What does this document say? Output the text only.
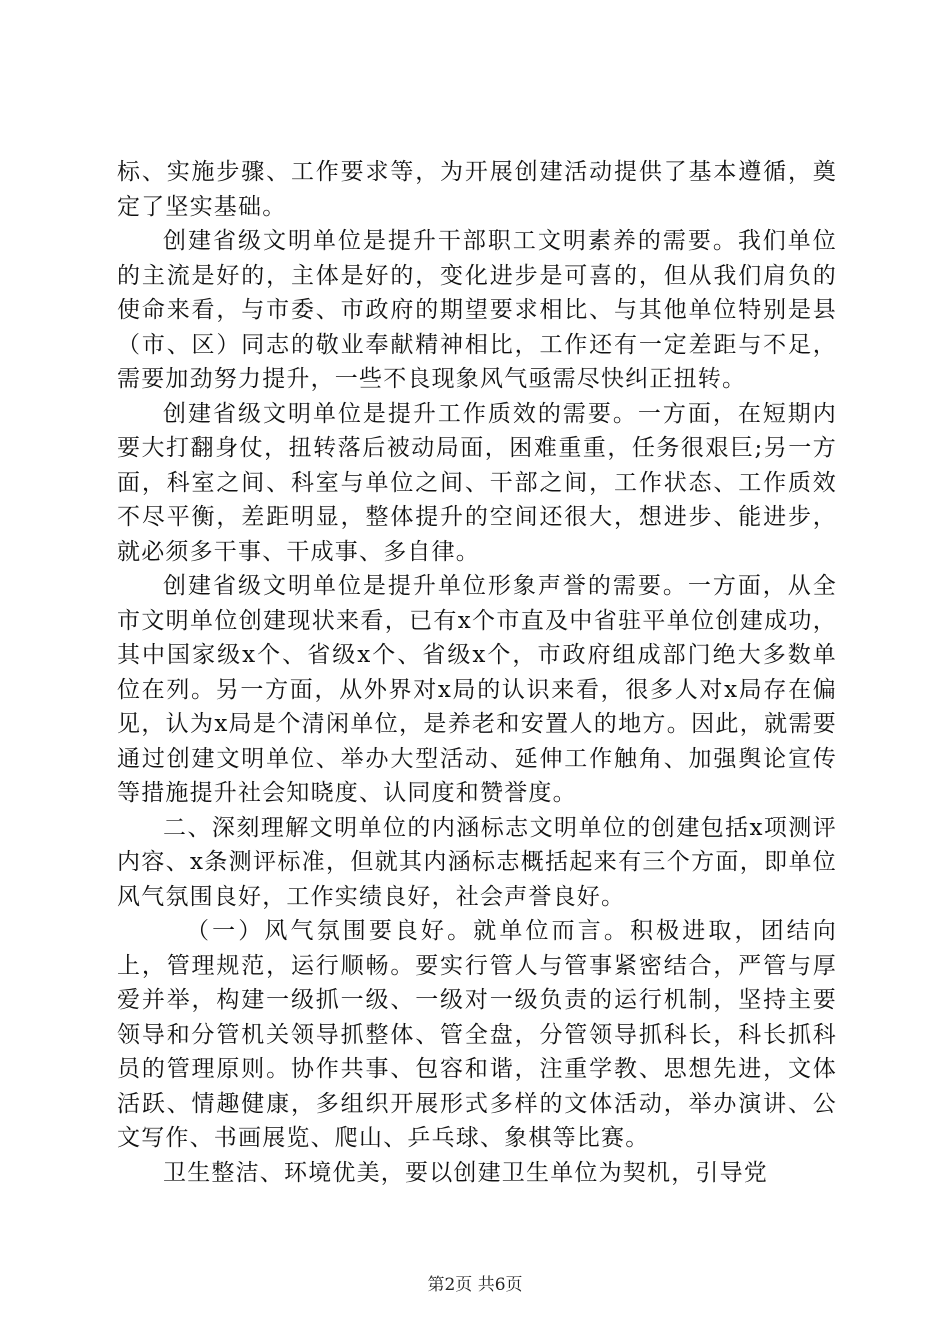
标、实施步骤、工作要求等，为开展创建活动提供了基本遵循，奠定了坚实基础。

创建省级文明单位是提升干部职工文明素养的需要。我们单位的主流是好的，主体是好的，变化进步是可喜的，但从我们肩负的使命来看，与市委、市政府的期望要求相比、与其他单位特别是县（市、区）同志的敬业奉献精神相比，工作还有一定差距与不足，需要加劲努力提升，一些不良现象风气亟需尽快纠正扭转。

创建省级文明单位是提升工作质效的需要。一方面，在短期内要大打翻身仗，扭转落后被动局面，困难重重，任务很艰巨;另一方面，科室之间、科室与单位之间、干部之间，工作状态、工作质效不尽平衡，差距明显，整体提升的空间还很大，想进步、能进步，就必须多干事、干成事、多自律。

创建省级文明单位是提升单位形象声誉的需要。一方面，从全市文明单位创建现状来看，已有x个市直及中省驻平单位创建成功，其中国家级x个、省级x个、省级x个，市政府组成部门绝大多数单位在列。另一方面，从外界对x局的认识来看，很多人对x局存在偏见，认为x局是个清闲单位，是养老和安置人的地方。因此，就需要通过创建文明单位、举办大型活动、延伸工作触角、加强舆论宣传等措施提升社会知晓度、认同度和赞誉度。

二、深刻理解文明单位的内涵标志文明单位的创建包括x项测评内容、x条测评标准，但就其内涵标志概括起来有三个方面，即单位风气氛围良好，工作实绩良好，社会声誉良好。

（一）风气氛围要良好。就单位而言。积极进取，团结向上，管理规范，运行顺畅。要实行管人与管事紧密结合，严管与厚爱并举，构建一级抓一级、一级对一级负责的运行机制，坚持主要领导和分管机关领导抓整体、管全盘，分管领导抓科长，科长抓科员的管理原则。协作共事、包容和谐，注重学教、思想先进，文体活跃、情趣健康，多组织开展形式多样的文体活动，举办演讲、公文写作、书画展览、爬山、乒乓球、象棋等比赛。

卫生整洁、环境优美，要以创建卫生单位为契机，引导党

第2页 共6页
